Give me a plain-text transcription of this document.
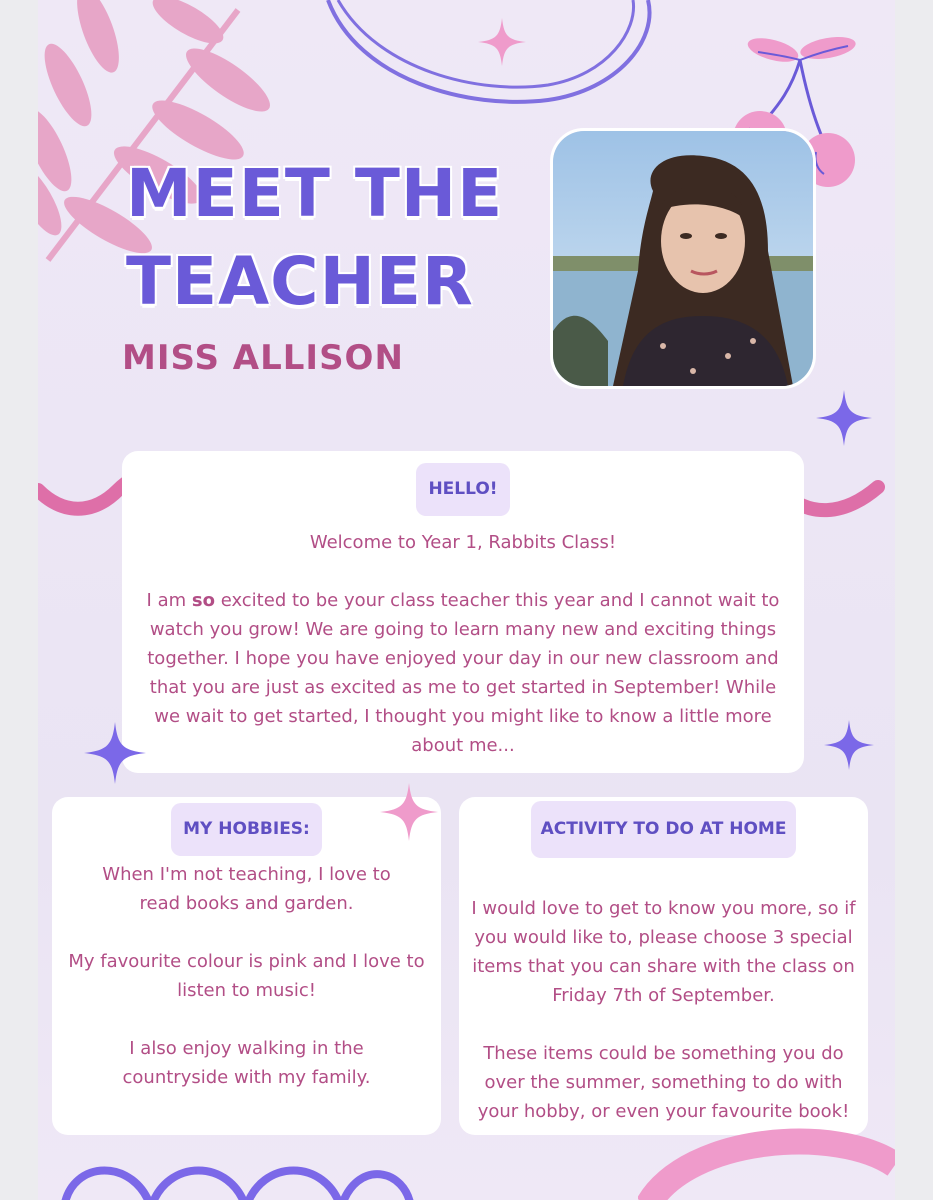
MEET THE
TEACHER
MISS ALLISON
HELLO!

Welcome to Year 1, Rabbits Class!

I am so excited to be your class teacher this year and I cannot wait to watch you grow! We are going to learn many new and exciting things together. I hope you have enjoyed your day in our new classroom and that you are just as excited as me to get started in September! While we wait to get started, I thought you might like to know a little more about me...

MY HOBBIES:

When I'm not teaching, I love to read books and garden.

My favourite colour is pink and I love to listen to music!

I also enjoy walking in the countryside with my family.

ACTIVITY TO DO AT HOME

I would love to get to know you more, so if you would like to, please choose 3 special items that you can share with the class on Friday 7th of September.

These items could be something you do over the summer, something to do with your hobby, or even your favourite book!
